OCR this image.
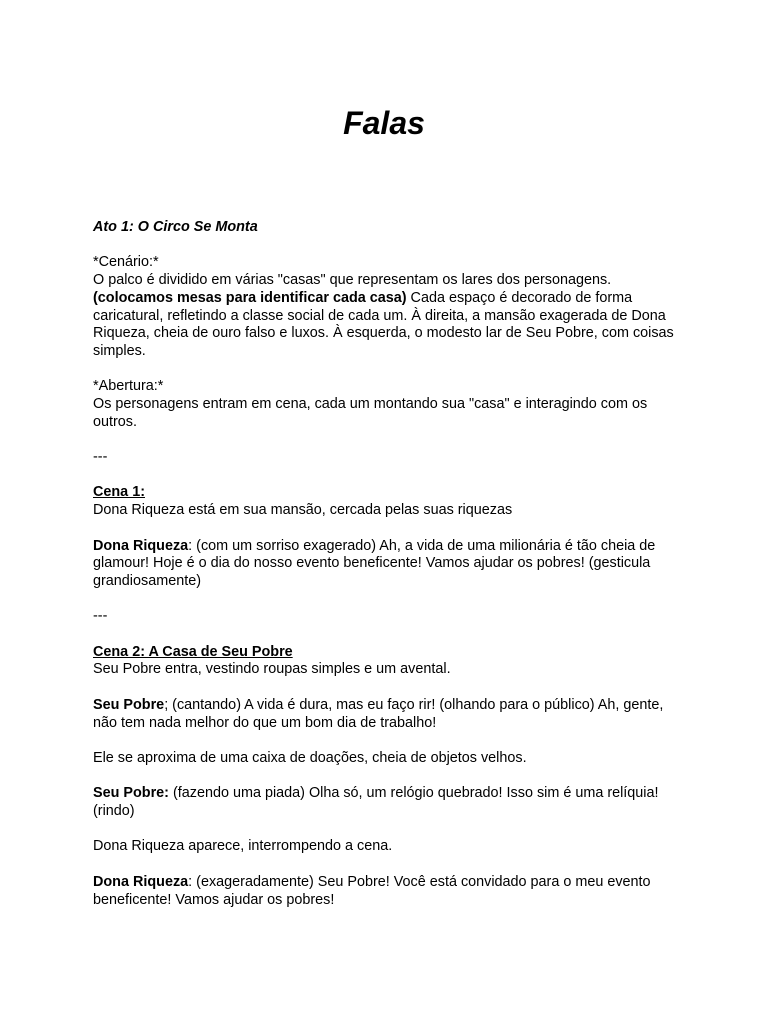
Falas
Ato 1: O Circo Se Monta
*Cenário:*
O palco é dividido em várias "casas" que representam os lares dos personagens.
(colocamos mesas para identificar cada casa) Cada espaço é decorado de forma
caricatural, refletindo a classe social de cada um. À direita, a mansão exagerada de Dona
Riqueza, cheia de ouro falso e luxos. À esquerda, o modesto lar de Seu Pobre, com coisas
simples.
*Abertura:*
Os personagens entram em cena, cada um montando sua "casa" e interagindo com os
outros.
---
Cena 1:
Dona Riqueza está em sua mansão, cercada pelas suas riquezas
Dona Riqueza: (com um sorriso exagerado) Ah, a vida de uma milionária é tão cheia de
glamour! Hoje é o dia do nosso evento beneficente! Vamos ajudar os pobres! (gesticula
grandiosamente)
---
Cena 2: A Casa de Seu Pobre
Seu Pobre entra, vestindo roupas simples e um avental.
Seu Pobre; (cantando) A vida é dura, mas eu faço rir! (olhando para o público) Ah, gente,
não tem nada melhor do que um bom dia de trabalho!
Ele se aproxima de uma caixa de doações, cheia de objetos velhos.
Seu Pobre: (fazendo uma piada) Olha só, um relógio quebrado! Isso sim é uma relíquia!
(rindo)
Dona Riqueza aparece, interrompendo a cena.
Dona Riqueza: (exageradamente) Seu Pobre! Você está convidado para o meu evento
beneficente! Vamos ajudar os pobres!
